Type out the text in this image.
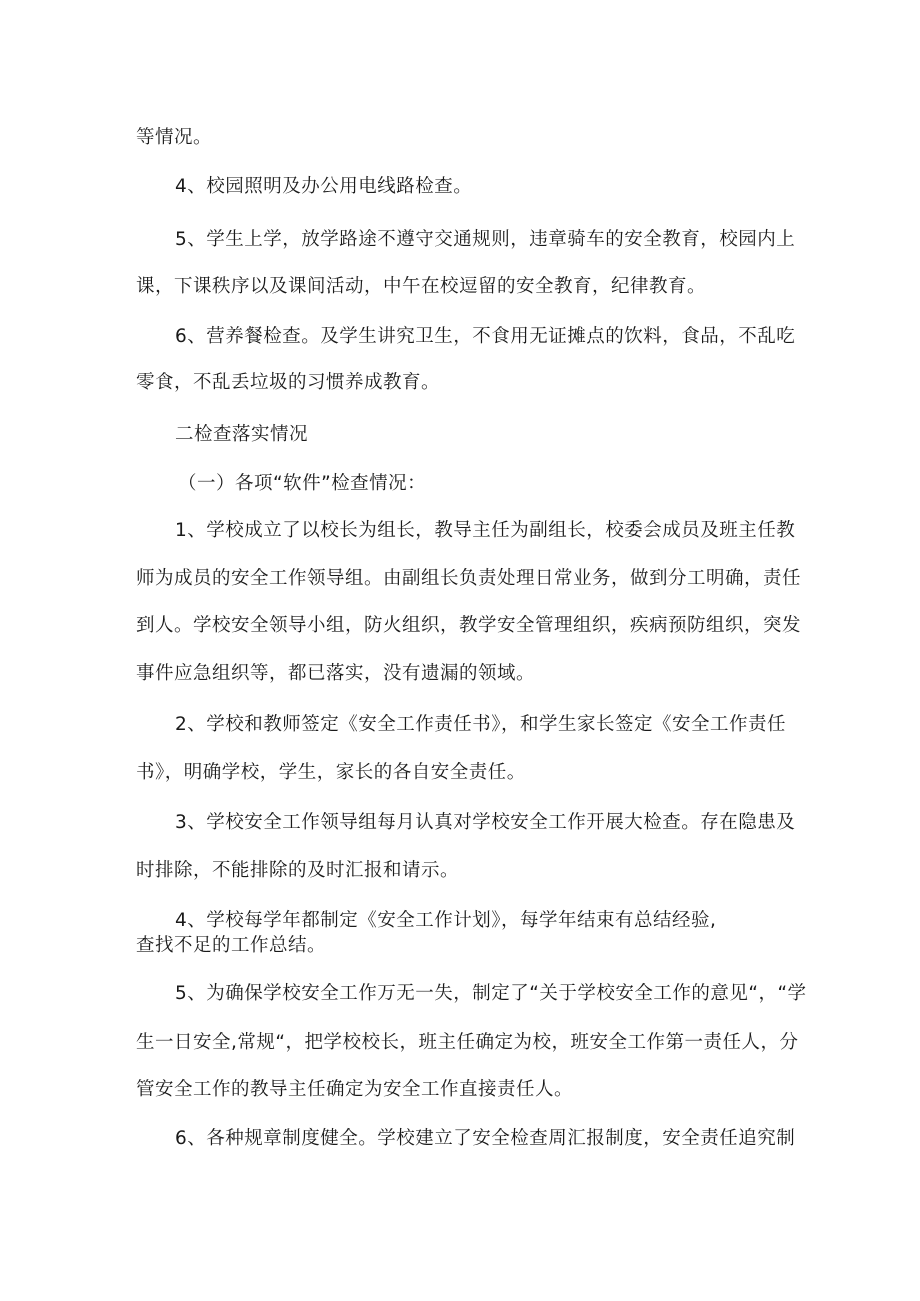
等情况。
4、校园照明及办公用电线路检查。
5、学生上学，放学路途不遵守交通规则，违章骑车的安全教育，校园内上
课，下课秩序以及课间活动，中午在校逗留的安全教育，纪律教育。
6、营养餐检查。及学生讲究卫生，不食用无证摊点的饮料，食品，不乱吃
零食，不乱丢垃圾的习惯养成教育。
二检查落实情况
（一）各项“软件”检查情况：
1、学校成立了以校长为组长，教导主任为副组长，校委会成员及班主任教
师为成员的安全工作领导组。由副组长负责处理日常业务，做到分工明确，责任
到人。学校安全领导小组，防火组织，教学安全管理组织，疾病预防组织，突发
事件应急组织等，都已落实，没有遗漏的领域。
2、学校和教师签定《安全工作责任书》，和学生家长签定《安全工作责任
书》，明确学校，学生，家长的各自安全责任。
3、学校安全工作领导组每月认真对学校安全工作开展大检查。存在隐患及
时排除，不能排除的及时汇报和请示。
4、学校每学年都制定《安全工作计划》，每学年结束有总结经验,
查找不足的工作总结。
5、为确保学校安全工作万无一失，制定了“关于学校安全工作的意见“，“学
生一日安全,常规“，把学校校长，班主任确定为校，班安全工作第一责任人，分
管安全工作的教导主任确定为安全工作直接责任人。
6、各种规章制度健全。学校建立了安全检查周汇报制度，安全责任追究制
